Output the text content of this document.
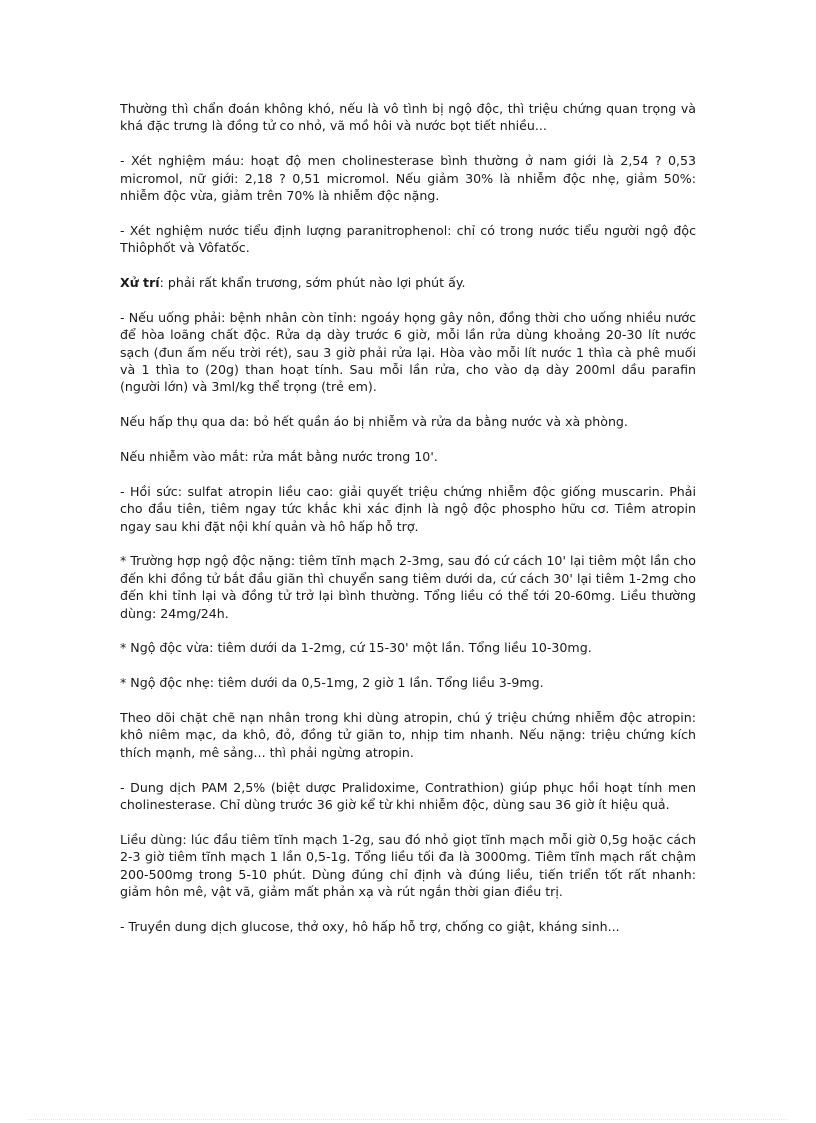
Thường thì chẩn đoán không khó, nếu là vô tình bị ngộ độc, thì triệu chứng quan trọng và khá đặc trưng là đồng tử co nhỏ, vã mồ hôi và nước bọt tiết nhiều...

- Xét nghiệm máu: hoạt độ men cholinesterase bình thường ở nam giới là 2,54 ? 0,53 micromol, nữ giới: 2,18 ? 0,51 micromol. Nếu giảm 30% là nhiễm độc nhẹ, giảm 50%: nhiễm độc vừa, giảm trên 70% là nhiễm độc nặng.

- Xét nghiệm nước tiểu định lượng paranitrophenol: chỉ có trong nước tiểu người ngộ độc Thiôphốt và Vôfatốc.

Xử trí: phải rất khẩn trương, sớm phút nào lợi phút ấy.

- Nếu uống phải: bệnh nhân còn tỉnh: ngoáy họng gây nôn, đồng thời cho uống nhiều nước để hòa loãng chất độc. Rửa dạ dày trước 6 giờ, mỗi lần rửa dùng khoảng 20-30 lít nước sạch (đun ấm nếu trời rét), sau 3 giờ phải rửa lại. Hòa vào mỗi lít nước 1 thìa cà phê muối và 1 thìa to (20g) than hoạt tính. Sau mỗi lần rửa, cho vào dạ dày 200ml dầu parafin (người lớn) và 3ml/kg thể trọng (trẻ em).

Nếu hấp thụ qua da: bỏ hết quần áo bị nhiễm và rửa da bằng nước và xà phòng.

Nếu nhiễm vào mắt: rửa mắt bằng nước trong 10'.

- Hồi sức: sulfat atropin liều cao: giải quyết triệu chứng nhiễm độc giống muscarin. Phải cho đầu tiên, tiêm ngay tức khắc khi xác định là ngộ độc phospho hữu cơ. Tiêm atropin ngay sau khi đặt nội khí quản và hô hấp hỗ trợ.

* Trường hợp ngộ độc nặng: tiêm tĩnh mạch 2-3mg, sau đó cứ cách 10' lại tiêm một lần cho đến khi đồng tử bắt đầu giãn thì chuyển sang tiêm dưới da, cứ cách 30' lại tiêm 1-2mg cho đến khi tỉnh lại và đồng tử trở lại bình thường. Tổng liều có thể tới 20-60mg. Liều thường dùng: 24mg/24h.

* Ngộ độc vừa: tiêm dưới da 1-2mg, cứ 15-30' một lần. Tổng liều 10-30mg.

* Ngộ độc nhẹ: tiêm dưới da 0,5-1mg, 2 giờ 1 lần. Tổng liều 3-9mg.

Theo dõi chặt chẽ nạn nhân trong khi dùng atropin, chú ý triệu chứng nhiễm độc atropin: khô niêm mạc, da khô, đỏ, đồng tử giãn to, nhịp tim nhanh. Nếu nặng: triệu chứng kích thích mạnh, mê sảng... thì phải ngừng atropin.

- Dung dịch PAM 2,5% (biệt dược Pralidoxime, Contrathion) giúp phục hồi hoạt tính men cholinesterase. Chỉ dùng trước 36 giờ kể từ khi nhiễm độc, dùng sau 36 giờ ít hiệu quả.

Liều dùng: lúc đầu tiêm tĩnh mạch 1-2g, sau đó nhỏ giọt tĩnh mạch mỗi giờ 0,5g hoặc cách 2-3 giờ tiêm tĩnh mạch 1 lần 0,5-1g. Tổng liều tối đa là 3000mg. Tiêm tĩnh mạch rất chậm 200-500mg trong 5-10 phút. Dùng đúng chỉ định và đúng liều, tiến triển tốt rất nhanh: giảm hôn mê, vật vã, giảm mất phản xạ và rút ngắn thời gian điều trị.

- Truyền dung dịch glucose, thở oxy, hô hấp hỗ trợ, chống co giật, kháng sinh...
